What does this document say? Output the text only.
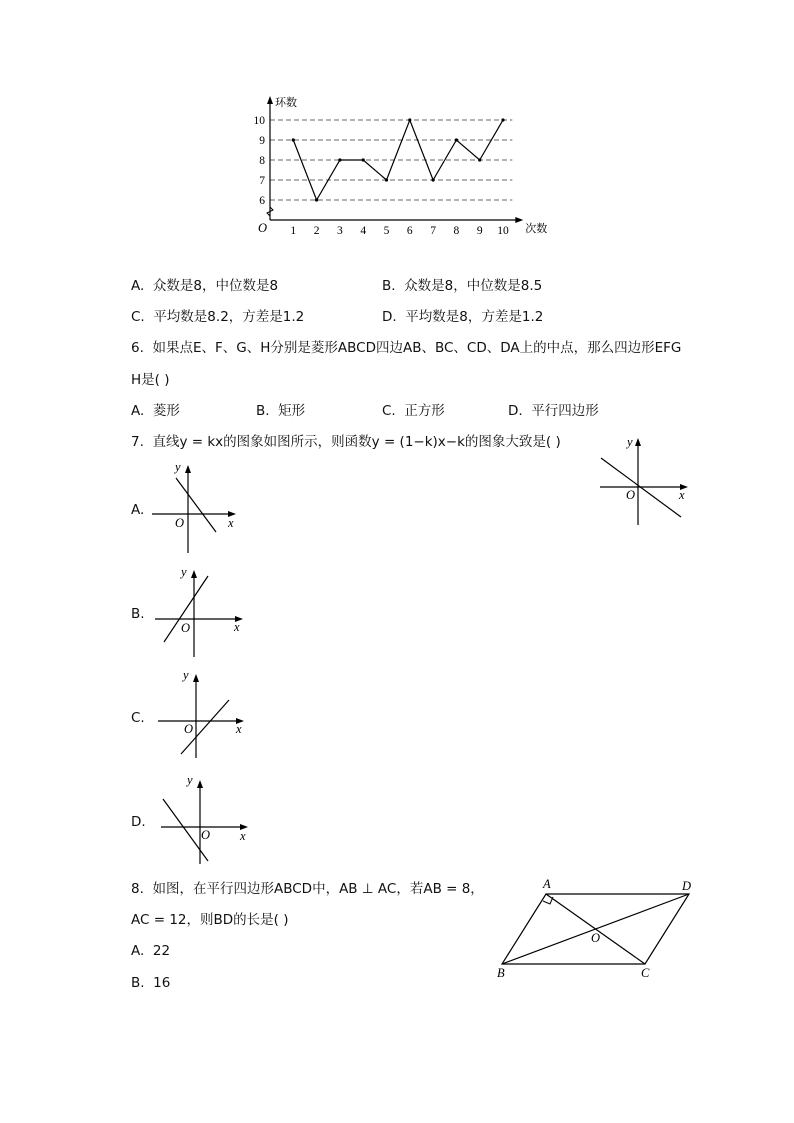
1 2 3 4 5 6 7 8 9 10
6
7
8
9
10
O
环数
次数
A. 众数是8，中位数是8	B. 众数是8，中位数是8.5
C. 平均数是8.2，方差是1.2	D. 平均数是8，方差是1.2
6. 如果点E、F、G、H分别是菱形ABCD四边AB、BC、CD、DA上的中点，那么四边形EFG
H是( )
A. 菱形	B. 矩形	C. 正方形	D. 平行四边形
7. 直线y = kx的图象如图所示，则函数y = (1−k)x−k的图象大致是( )	y
x
O
A.
B.
C.
D.
y
x
O
y
x
O
y
x
O
y
x
O
8. 如图，在平行四边形ABCD中，AB ⊥ AC，若AB = 8，
AC = 12，则BD的长是( )
A. 22
B. 16
A	D
B	C
O
